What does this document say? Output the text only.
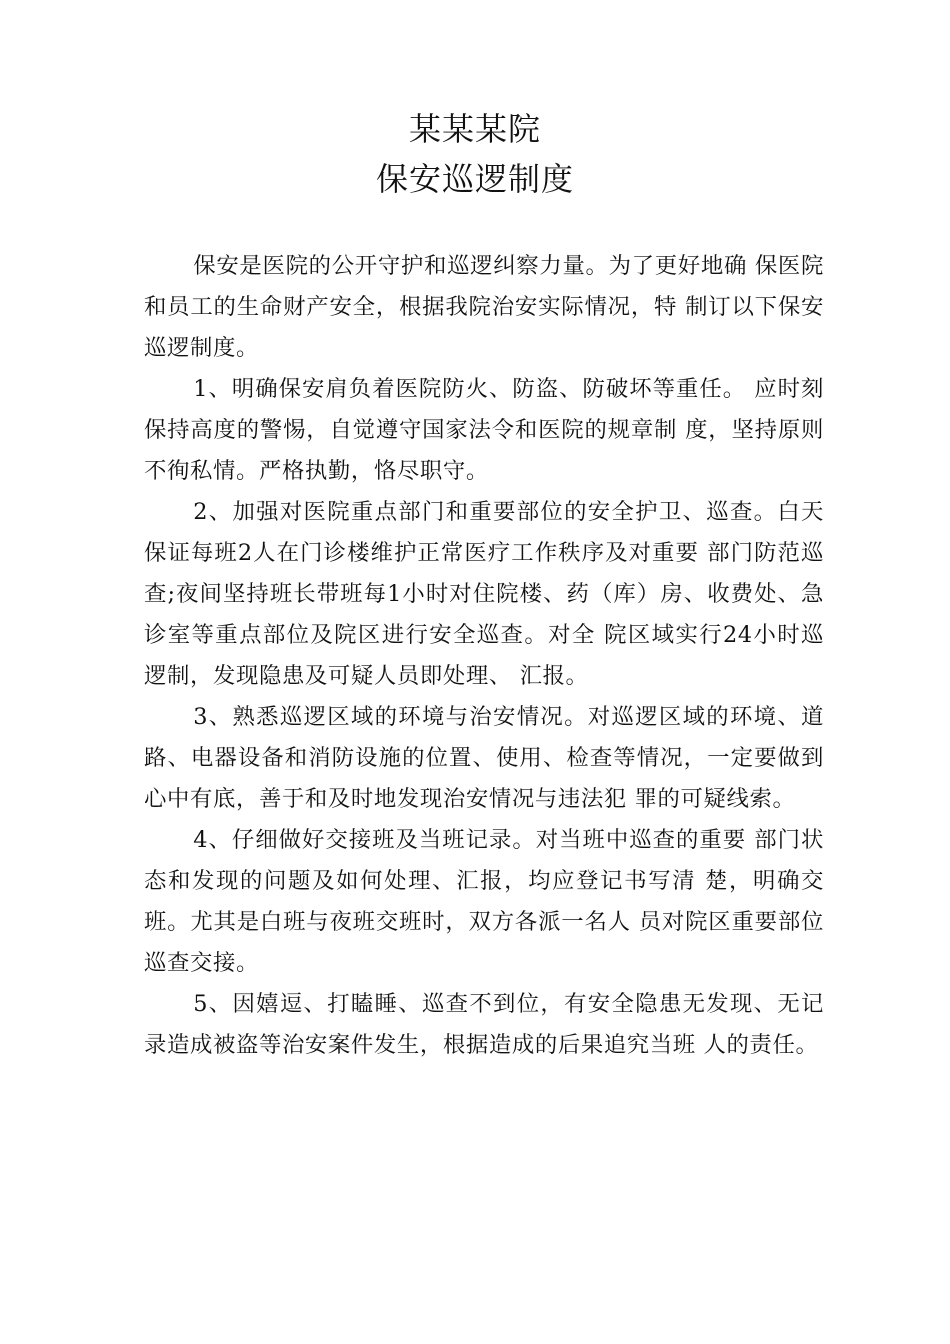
某某某院
保安巡逻制度

保安是医院的公开守护和巡逻纠察力量。为了更好地确 保医院和员工的生命财产安全，根据我院治安实际情况，特 制订以下保安巡逻制度。

1、明确保安肩负着医院防火、防盗、防破坏等重任。 应时刻保持高度的警惕，自觉遵守国家法令和医院的规章制 度，坚持原则不徇私情。严格执勤，恪尽职守。

2、加强对医院重点部门和重要部位的安全护卫、巡查。白天保证每班2人在门诊楼维护正常医疗工作秩序及对重要 部门防范巡查;夜间坚持班长带班每1小时对住院楼、药（库）房、收费处、急诊室等重点部位及院区进行安全巡查。对全 院区域实行24小时巡逻制，发现隐患及可疑人员即处理、 汇报。

3、熟悉巡逻区域的环境与治安情况。对巡逻区域的环境、道路、电器设备和消防设施的位置、使用、检查等情况，一定要做到心中有底，善于和及时地发现治安情况与违法犯 罪的可疑线索。

4、仔细做好交接班及当班记录。对当班中巡查的重要 部门状态和发现的问题及如何处理、汇报，均应登记书写清 楚，明确交班。尤其是白班与夜班交班时，双方各派一名人 员对院区重要部位巡查交接。

5、因嬉逗、打瞌睡、巡查不到位，有安全隐患无发现、无记录造成被盗等治安案件发生，根据造成的后果追究当班 人的责任。
